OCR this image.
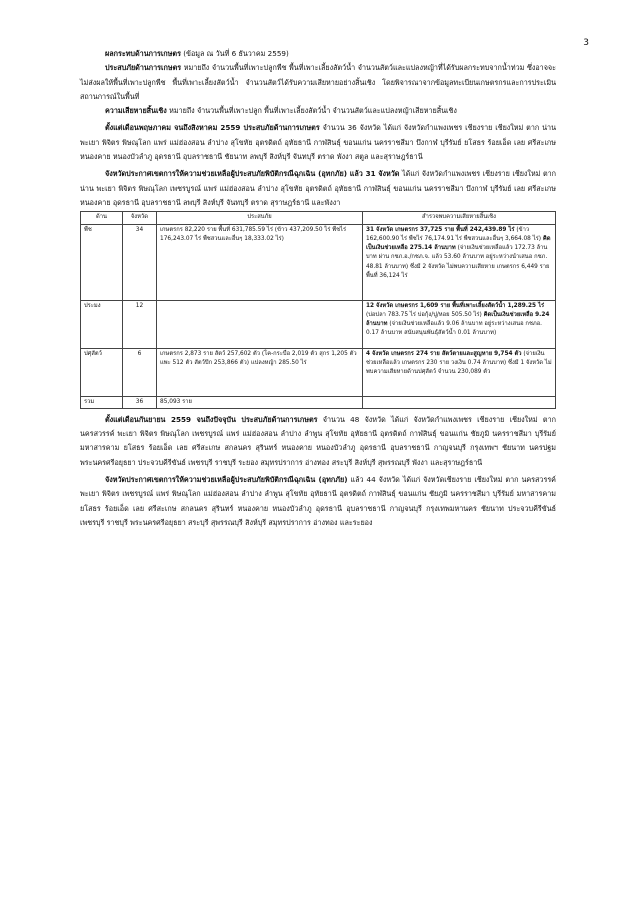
3

ผลกระทบด้านการเกษตร (ข้อมูล ณ วันที่ 6 ธันวาคม 2559)

ประสบภัยด้านการเกษตร หมายถึง จำนวนพื้นที่เพาะปลูกพืช พื้นที่เพาะเลี้ยงสัตว์น้ำ จำนวนสัตว์และแปลงหญ้าที่ได้รับผลกระทบจากน้ำท่วม ซึ่งอาจจะไม่ส่งผลให้พื้นที่เพาะปลูกพืช พื้นที่เพาะเลี้ยงสัตว์น้ำ จำนวนสัตว์ได้รับความเสียหายอย่างสิ้นเชิง โดยพิจารณาจากข้อมูลทะเบียนเกษตรกรและการประเมินสถานการณ์ในพื้นที่

ความเสียหายสิ้นเชิง หมายถึง จำนวนพื้นที่เพาะปลูก พื้นที่เพาะเลี้ยงสัตว์น้ำ จำนวนสัตว์และแปลงหญ้าเสียหายสิ้นเชิง

ตั้งแต่เดือนพฤษภาคม จนถึงสิงหาคม 2559 ประสบภัยด้านการเกษตร จำนวน 36 จังหวัด ได้แก่ จังหวัดกำแพงเพชร เชียงราย เชียงใหม่ ตาก น่าน พะเยา พิจิตร พิษณุโลก แพร่ แม่ฮ่องสอน ลำปาง สุโขทัย อุตรดิตถ์ อุทัยธานี กาฬสินธุ์ ขอนแก่น นครราชสีมา บึงกาฬ บุรีรัมย์ ยโสธร ร้อยเอ็ด เลย ศรีสะเกษ หนองคาย หนองบัวลำภู อุดรธานี อุบลราชธานี ชัยนาท ลพบุรี สิงห์บุรี จันทบุรี ตราด พังงา สตูล และสุราษฎร์ธานี

จังหวัดประกาศเขตการให้ความช่วยเหลือผู้ประสบภัยพิบัติกรณีฉุกเฉิน (อุทกภัย) แล้ว 31 จังหวัด ได้แก่ จังหวัดกำแพงเพชร เชียงราย เชียงใหม่ ตาก น่าน พะเยา พิจิตร พิษณุโลก เพชรบูรณ์ แพร่ แม่ฮ่องสอน ลำปาง สุโขทัย อุตรดิตถ์ อุทัยธานี กาฬสินธุ์ ขอนแก่น นครราชสีมา บึงกาฬ บุรีรัมย์ เลย ศรีสะเกษ หนองคาย อุดรธานี อุบลราชธานี ลพบุรี สิงห์บุรี จันทบุรี ตราด สุราษฎร์ธานี และพังงา

ด้าน	จังหวัด	ประสบภัย	สำรวจพบความเสียหายสิ้นเชิง
พืช	34	เกษตรกร 82,220 ราย พื้นที่ 631,785.59 ไร่ (ข้าว 437,209.50 ไร่ พืชไร่ 176,243.07 ไร่ พืชสวนและอื่นๆ 18,333.02 ไร่)	31 จังหวัด เกษตรกร 37,725 ราย พื้นที่ 242,439.89 ไร่ (ข้าว 162,600.90 ไร่ พืชไร่ 76,174.91 ไร่ พืชสวนและอื่นๆ 3,664.08 ไร่) คิดเป็นเงินช่วยเหลือ 275.14 ล้านบาท (จ่ายเงินช่วยเหลือแล้ว 172.73 ล้านบาท ผ่าน กชภ.อ./กชภ.จ. แล้ว 53.60 ล้านบาท อยู่ระหว่างนำเสนอ กชภ. 48.81 ล้านบาท) ซึ่งมี 2 จังหวัด ไม่พบความเสียหาย เกษตรกร 6,449 ราย พื้นที่ 36,124 ไร่
ประมง	12		12 จังหวัด เกษตรกร 1,609 ราย พื้นที่เพาะเลี้ยงสัตว์น้ำ 1,289.25 ไร่ (บ่อปลา 783.75 ไร่ บ่อกุ้ง/ปู/หอย 505.50 ไร่) คิดเป็นเงินช่วยเหลือ 9.24 ล้านบาท (จ่ายเงินช่วยเหลือแล้ว 9.06 ล้านบาท อยู่ระหว่างเสนอ กชภอ. 0.17 ล้านบาท สนับสนุนพันธุ์สัตว์น้ำ 0.01 ล้านบาท)
ปศุสัตว์	6	เกษตรกร 2,873 ราย สัตว์ 257,602 ตัว (โค-กระบือ 2,019 ตัว สุกร 1,205 ตัว แพะ 512 ตัว สัตว์ปีก 253,866 ตัว) แปลงหญ้า 285.50 ไร่	4 จังหวัด เกษตรกร 274 ราย สัตว์ตายและสูญหาย 9,754 ตัว (จ่ายเงินช่วยเหลือแล้ว เกษตรกร 230 ราย วงเงิน 0.74 ล้านบาท) ซึ่งมี 1 จังหวัด ไม่พบความเสียหายด้านปศุสัตว์ จำนวน 230,089 ตัว
รวม	36	85,093 ราย	

ตั้งแต่เดือนกันยายน 2559 จนถึงปัจจุบัน ประสบภัยด้านการเกษตร จำนวน 48 จังหวัด ได้แก่ จังหวัดกำแพงเพชร เชียงราย เชียงใหม่ ตาก นครสวรรค์ พะเยา พิจิตร พิษณุโลก เพชรบูรณ์ แพร่ แม่ฮ่องสอน ลำปาง ลำพูน สุโขทัย อุทัยธานี อุตรดิตถ์ กาฬสินธุ์ ขอนแก่น ชัยภูมิ นครราชสีมา บุรีรัมย์ มหาสารคาม ยโสธร ร้อยเอ็ด เลย ศรีสะเกษ สกลนคร สุรินทร์ หนองคาย หนองบัวลำภู อุดรธานี อุบลราชธานี กาญจนบุรี กรุงเทพฯ ชัยนาท นครปฐม พระนครศรีอยุธยา ประจวบคีรีขันธ์ เพชรบุรี ราชบุรี ระยอง สมุทรปราการ อ่างทอง สระบุรี สิงห์บุรี สุพรรณบุรี พังงา และสุราษฎร์ธานี

จังหวัดประกาศเขตการให้ความช่วยเหลือผู้ประสบภัยพิบัติกรณีฉุกเฉิน (อุทกภัย) แล้ว 44 จังหวัด ได้แก่ จังหวัดเชียงราย เชียงใหม่ ตาก นครสวรรค์ พะเยา พิจิตร เพชรบูรณ์ แพร่ พิษณุโลก แม่ฮ่องสอน ลำปาง ลำพูน สุโขทัย อุทัยธานี อุตรดิตถ์ กาฬสินธุ์ ขอนแก่น ชัยภูมิ นครราชสีมา บุรีรัมย์ มหาสารคาม ยโสธร ร้อยเอ็ด เลย ศรีสะเกษ สกลนคร สุรินทร์ หนองคาย หนองบัวลำภู อุดรธานี อุบลราชธานี กาญจนบุรี กรุงเทพมหานคร ชัยนาท ประจวบคีรีขันธ์ เพชรบุรี ราชบุรี พระนครศรีอยุธยา สระบุรี สุพรรณบุรี สิงห์บุรี สมุทรปราการ อ่างทอง และระยอง
